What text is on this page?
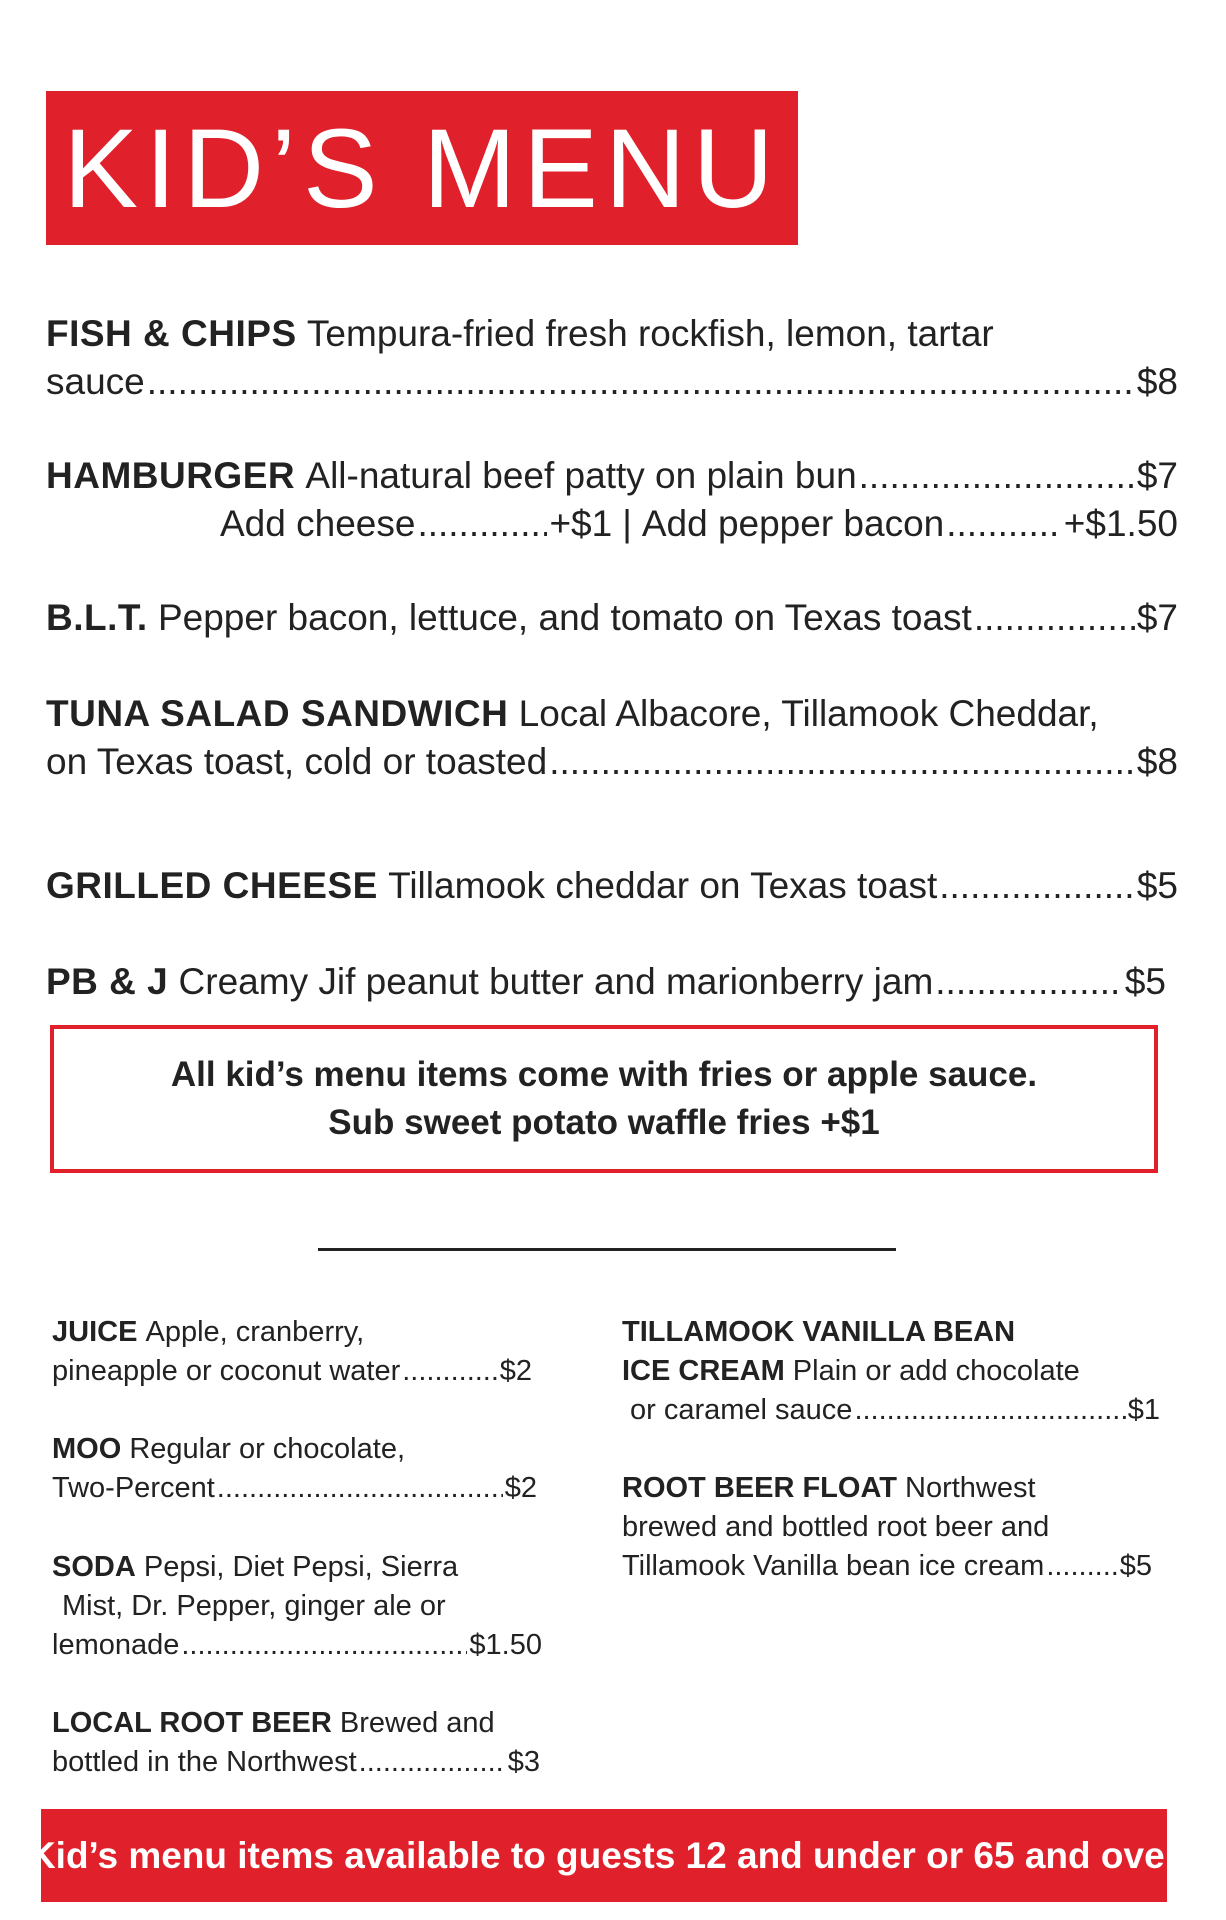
KID’S MENU
FISH & CHIPS
Tempura-fried fresh rockfish, lemon, tartar
sauce .....	$8
HAMBURGER
All-natural beef patty on plain bun .....	$7
Add cheese .....	+$1 | Add pepper bacon .....	+$1.50
B.L.T.
Pepper bacon, lettuce, and tomato on Texas toast .....	$7
TUNA SALAD SANDWICH
Local Albacore, Tillamook Cheddar,
on Texas toast, cold or toasted .....	$8
GRILLED CHEESE
Tillamook cheddar on Texas toast .....	$5
PB & J
Creamy Jif peanut butter and marionberry jam .....	$5
All kid’s menu items come with fries or apple sauce.
Sub sweet potato waffle fries +$1
JUICE
Apple, cranberry,
pineapple or coconut water .....	$2
MOO
Regular or chocolate,
Two-Percent .....	$2
SODA
Pepsi, Diet Pepsi, Sierra
Mist, Dr. Pepper, ginger ale or
lemonade .....	$1.50
LOCAL ROOT BEER
Brewed and
bottled in the Northwest .....	$3
TILLAMOOK VANILLA BEAN
ICE CREAM
Plain or add chocolate
or caramel sauce .....	$1
ROOT BEER FLOAT
Northwest
brewed and bottled root beer and
Tillamook Vanilla bean ice cream .....	$5
Kid’s menu items available to guests 12 and under or 65 and over
